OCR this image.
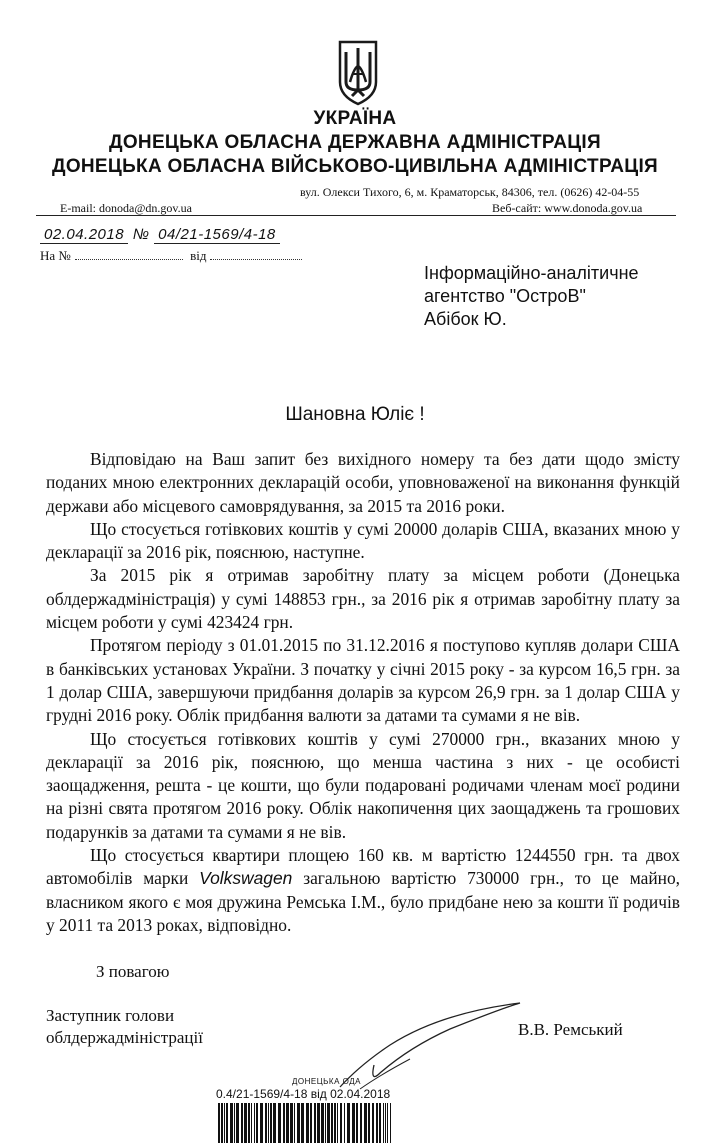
УКРАЇНА
ДОНЕЦЬКА ОБЛАСНА ДЕРЖАВНА АДМІНІСТРАЦІЯ
ДОНЕЦЬКА ОБЛАСНА ВІЙСЬКОВО-ЦИВІЛЬНА АДМІНІСТРАЦІЯ
вул. Олекси Тихого, 6, м. Краматорськ, 84306, тел. (0626) 42-04-55
E-mail: donoda@dn.gov.ua	Веб-сайт: www.donoda.gov.ua
02.04.2018 № 04/21-1569/4-18
На №	від
Інформаційно-аналітичне
агентство "ОстроВ"
Абібок Ю.
Шановна Юліє !

Відповідаю на Ваш запит без вихідного номеру та без дати щодо змісту поданих мною електронних декларацій особи, уповноваженої на виконання функцій держави або місцевого самоврядування, за 2015 та 2016 роки.

Що стосується готівкових коштів у сумі 20000 доларів США, вказаних мною у декларації за 2016 рік, пояснюю, наступне.

За 2015 рік я отримав заробітну плату за місцем роботи (Донецька облдержадміністрація) у сумі 148853 грн., за 2016 рік я отримав заробітну плату за місцем роботи у сумі 423424 грн.

Протягом періоду з 01.01.2015 по 31.12.2016 я поступово купляв долари США в банківських установах України. З початку у січні 2015 року - за курсом 16,5 грн. за 1 долар США, завершуючи придбання доларів за курсом 26,9 грн. за 1 долар США у грудні 2016 року. Облік придбання валюти за датами та сумами я не вів.

Що стосується готівкових коштів у сумі 270000 грн., вказаних мною у декларації за 2016 рік, пояснюю, що менша частина з них - це особисті заощадження, решта - це кошти, що були подаровані родичами членам моєї родини на різні свята протягом 2016 року. Облік накопичення цих заощаджень та грошових подарунків за датами та сумами я не вів.

Що стосується квартири площею 160 кв. м вартістю 1244550 грн. та двох автомобілів марки Volkswagen загальною вартістю 730000 грн., то це майно, власником якого є моя дружина Ремська І.М., було придбане нею за кошти її родичів у 2011 та 2013 роках, відповідно.

З повагою
Заступник голови
облдержадміністрації	В.В. Ремський
ДОНЕЦЬКА ОДА
0.4/21-1569/4-18 від 02.04.2018
